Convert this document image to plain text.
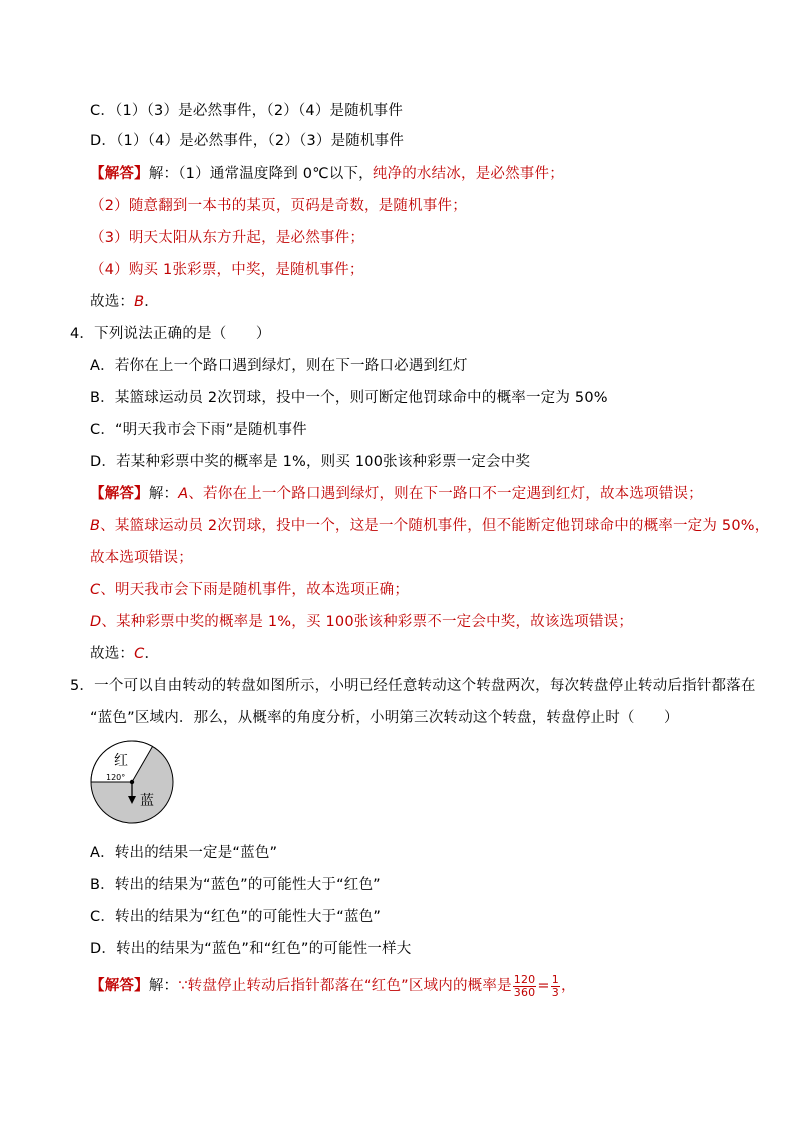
C．（1）（3）是必然事件，（2）（4）是随机事件
D．（1）（4）是必然事件，（2）（3）是随机事件
【解答】解：（1）通常温度降到 0℃以下，纯净的水结冰，是必然事件；
（2）随意翻到一本书的某页，页码是奇数，是随机事件；
（3）明天太阳从东方升起，是必然事件；
（4）购买 1张彩票，中奖，是随机事件；
故选：B．
4．下列说法正确的是（　　）
A．若你在上一个路口遇到绿灯，则在下一路口必遇到红灯
B．某篮球运动员 2次罚球，投中一个，则可断定他罚球命中的概率一定为 50%
C．“明天我市会下雨”是随机事件
D．若某种彩票中奖的概率是 1%，则买 100张该种彩票一定会中奖
【解答】解：A、若你在上一个路口遇到绿灯，则在下一路口不一定遇到红灯，故本选项错误；
B、某篮球运动员 2次罚球，投中一个，这是一个随机事件，但不能断定他罚球命中的概率一定为 50%，
故本选项错误；
C、明天我市会下雨是随机事件，故本选项正确；
D、某种彩票中奖的概率是 1%，买 100张该种彩票不一定会中奖，故该选项错误；
故选：C．
5．一个可以自由转动的转盘如图所示，小明已经任意转动这个转盘两次，每次转盘停止转动后指针都落在
“蓝色”区域内．那么，从概率的角度分析，小明第三次转动这个转盘，转盘停止时（　　）
红
120°
蓝
A．转出的结果一定是“蓝色”
B．转出的结果为“蓝色”的可能性大于“红色”
C．转出的结果为“红色”的可能性大于“蓝色”
D．转出的结果为“蓝色”和“红色”的可能性一样大
【解答】解：∵转盘停止转动后指针都落在“红色”区域内的概率是 $\frac{120}{360} = \frac{1}{3}$ ，
